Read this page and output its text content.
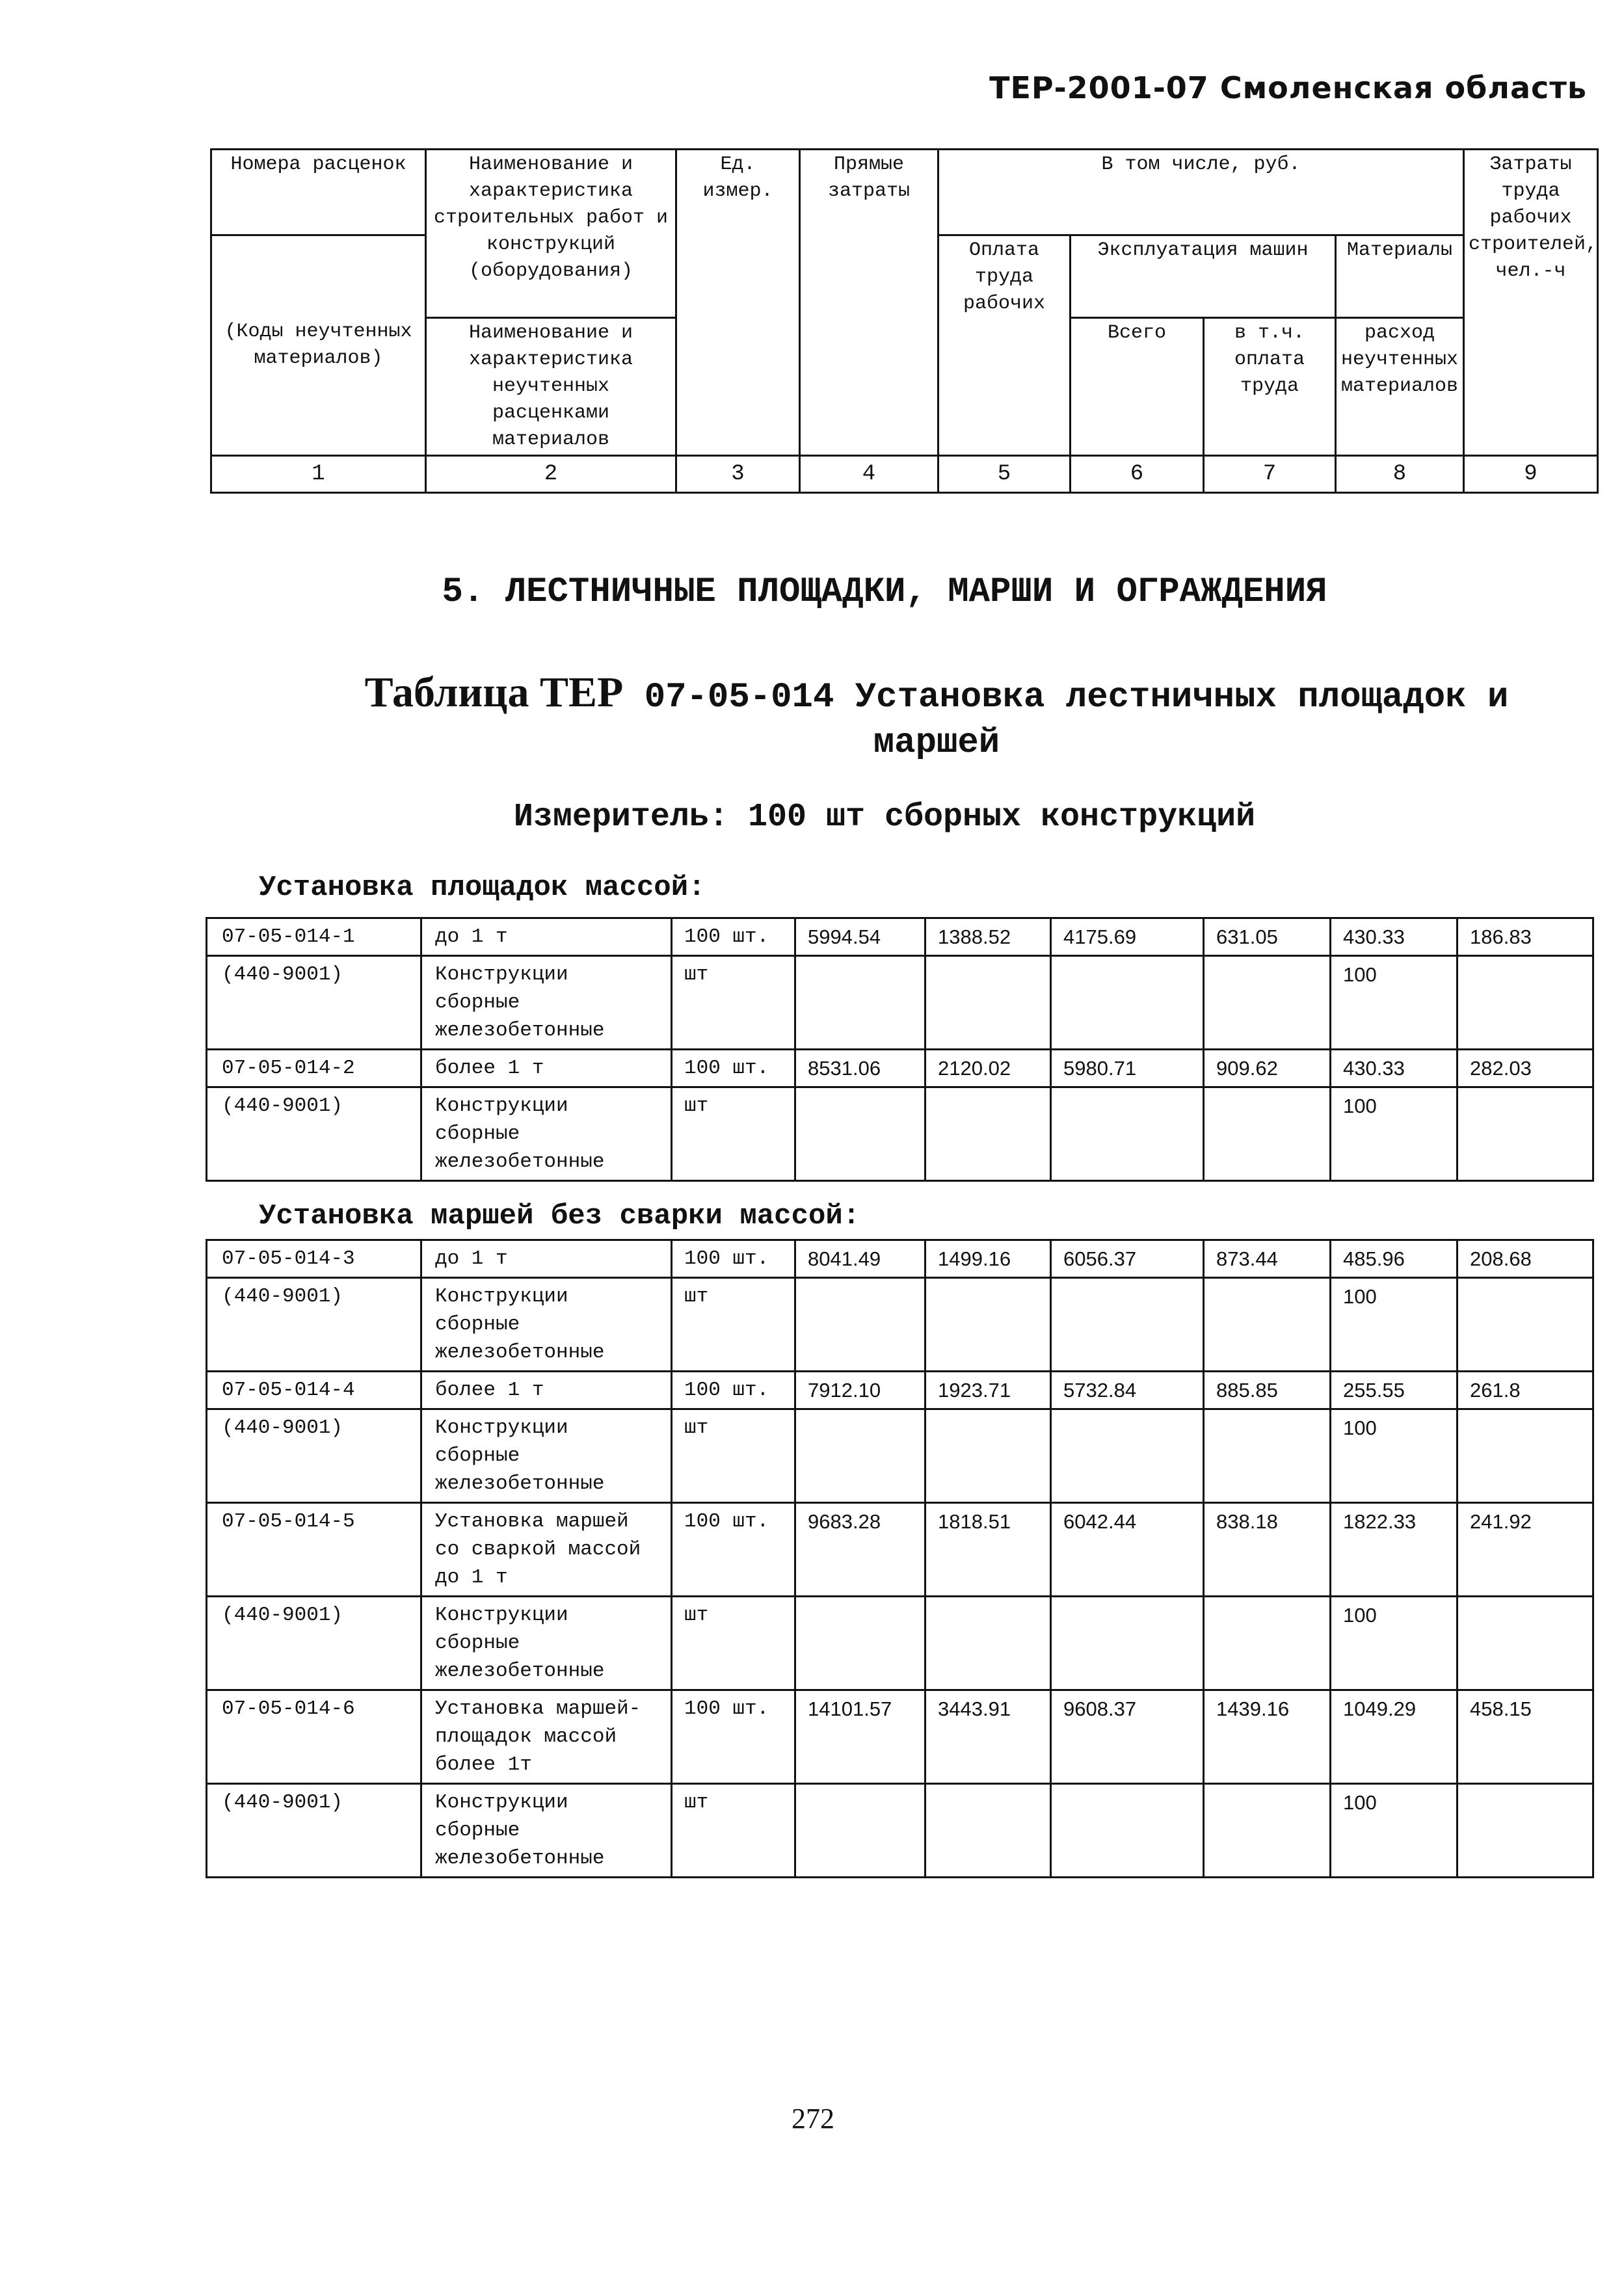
ТЕР-2001-07 Смоленская область
Номера расценок	Наименование и характеристика строительных работ и конструкций (оборудования)	Ед. измер.	Прямые затраты	В том числе, руб.				Затраты труда рабочих строителей, чел.-ч
(Коды неучтенных материалов)				Оплата труда рабочих	Эксплуатация машин		Материалы	
	Наименование и характеристика неучтенных расценками материалов				Всего	в т.ч. оплата труда	расход неучтенных материалов	
1	2	3	4	5	6	7	8	9
5. ЛЕСТНИЧНЫЕ ПЛОЩАДКИ, МАРШИ И ОГРАЖДЕНИЯ
Таблица ТЕР 07-05-014 Установка лестничных площадок и
маршей
Измеритель: 100 шт сборных конструкций
Установка площадок массой:
07-05-014-1	до 1 т	100 шт.	5994.54	1388.52	4175.69	631.05	430.33	186.83
(440-9001)	Конструкции сборные железобетонные	шт					100	
07-05-014-2	более 1 т	100 шт.	8531.06	2120.02	5980.71	909.62	430.33	282.03
(440-9001)	Конструкции сборные железобетонные	шт					100	
Установка маршей без сварки массой:
07-05-014-3	до 1 т	100 шт.	8041.49	1499.16	6056.37	873.44	485.96	208.68
(440-9001)	Конструкции сборные железобетонные	шт					100	
07-05-014-4	более 1 т	100 шт.	7912.10	1923.71	5732.84	885.85	255.55	261.8
(440-9001)	Конструкции сборные железобетонные	шт					100	
07-05-014-5	Установка маршей со сваркой массой до 1 т	100 шт.	9683.28	1818.51	6042.44	838.18	1822.33	241.92
(440-9001)	Конструкции сборные железобетонные	шт					100	
07-05-014-6	Установка маршей-площадок массой более 1т	100 шт.	14101.57	3443.91	9608.37	1439.16	1049.29	458.15
(440-9001)	Конструкции сборные железобетонные	шт					100	
272
